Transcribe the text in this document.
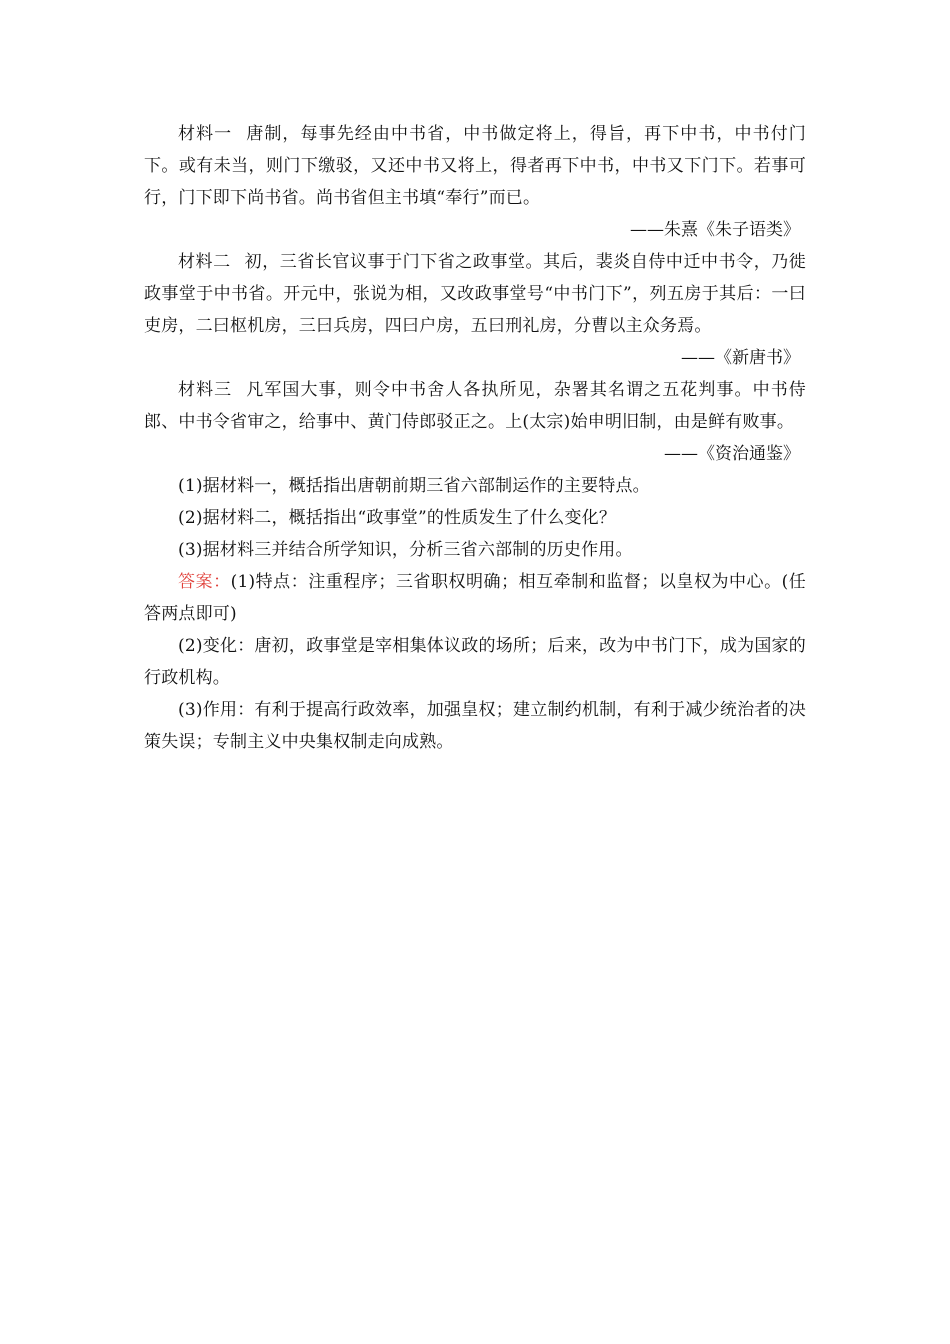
材料一 唐制，每事先经由中书省，中书做定将上，得旨，再下中书，中书付门下。或有未当，则门下缴驳，又还中书又将上，得者再下中书，中书又下门下。若事可行，门下即下尚书省。尚书省但主书填“奉行”而已。

——朱熹《朱子语类》

材料二 初，三省长官议事于门下省之政事堂。其后，裴炎自侍中迁中书令，乃徙政事堂于中书省。开元中，张说为相，又改政事堂号“中书门下”，列五房于其后：一曰吏房，二曰枢机房，三曰兵房，四曰户房，五曰刑礼房，分曹以主众务焉。

——《新唐书》

材料三 凡军国大事，则令中书舍人各执所见，杂署其名谓之五花判事。中书侍郎、中书令省审之，给事中、黄门侍郎驳正之。上(太宗)始申明旧制，由是鲜有败事。

——《资治通鉴》

(1)据材料一，概括指出唐朝前期三省六部制运作的主要特点。

(2)据材料二，概括指出“政事堂”的性质发生了什么变化？

(3)据材料三并结合所学知识，分析三省六部制的历史作用。

答案：(1)特点：注重程序；三省职权明确；相互牵制和监督；以皇权为中心。(任答两点即可)

(2)变化：唐初，政事堂是宰相集体议政的场所；后来，改为中书门下，成为国家的行政机构。

(3)作用：有利于提高行政效率，加强皇权；建立制约机制，有利于减少统治者的决策失误；专制主义中央集权制走向成熟。
